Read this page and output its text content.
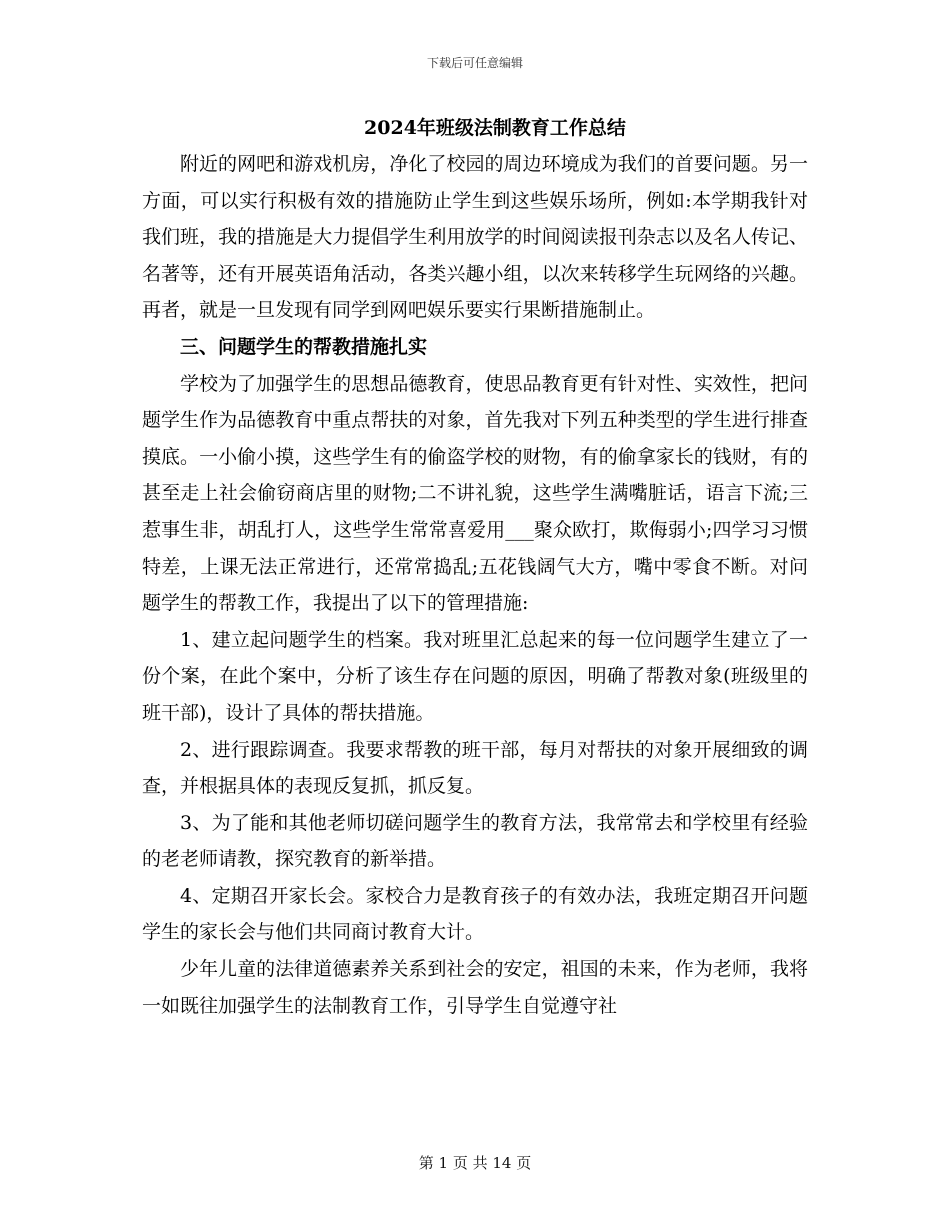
下载后可任意编辑
2024年班级法制教育工作总结

附近的网吧和游戏机房，净化了校园的周边环境成为我们的首要问题。另一方面，可以实行积极有效的措施防止学生到这些娱乐场所，例如:本学期我针对我们班，我的措施是大力提倡学生利用放学的时间阅读报刊杂志以及名人传记、名著等，还有开展英语角活动，各类兴趣小组，以次来转移学生玩网络的兴趣。再者，就是一旦发现有同学到网吧娱乐要实行果断措施制止。

三、问题学生的帮教措施扎实

学校为了加强学生的思想品德教育，使思品教育更有针对性、实效性，把问题学生作为品德教育中重点帮扶的对象，首先我对下列五种类型的学生进行排查摸底。一小偷小摸，这些学生有的偷盗学校的财物，有的偷拿家长的钱财，有的甚至走上社会偷窃商店里的财物;二不讲礼貌，这些学生满嘴脏话，语言下流;三惹事生非，胡乱打人，这些学生常常喜爱用___聚众欧打，欺侮弱小;四学习习惯特差，上课无法正常进行，还常常捣乱;五花钱阔气大方，嘴中零食不断。对问题学生的帮教工作，我提出了以下的管理措施:

1、建立起问题学生的档案。我对班里汇总起来的每一位问题学生建立了一份个案，在此个案中，分析了该生存在问题的原因，明确了帮教对象(班级里的班干部)，设计了具体的帮扶措施。

2、进行跟踪调查。我要求帮教的班干部，每月对帮扶的对象开展细致的调查，并根据具体的表现反复抓，抓反复。

3、为了能和其他老师切磋问题学生的教育方法，我常常去和学校里有经验的老老师请教，探究教育的新举措。

4、定期召开家长会。家校合力是教育孩子的有效办法，我班定期召开问题学生的家长会与他们共同商讨教育大计。

少年儿童的法律道德素养关系到社会的安定，祖国的未来，作为老师，我将一如既往加强学生的法制教育工作，引导学生自觉遵守社

第 1 页 共 14 页
